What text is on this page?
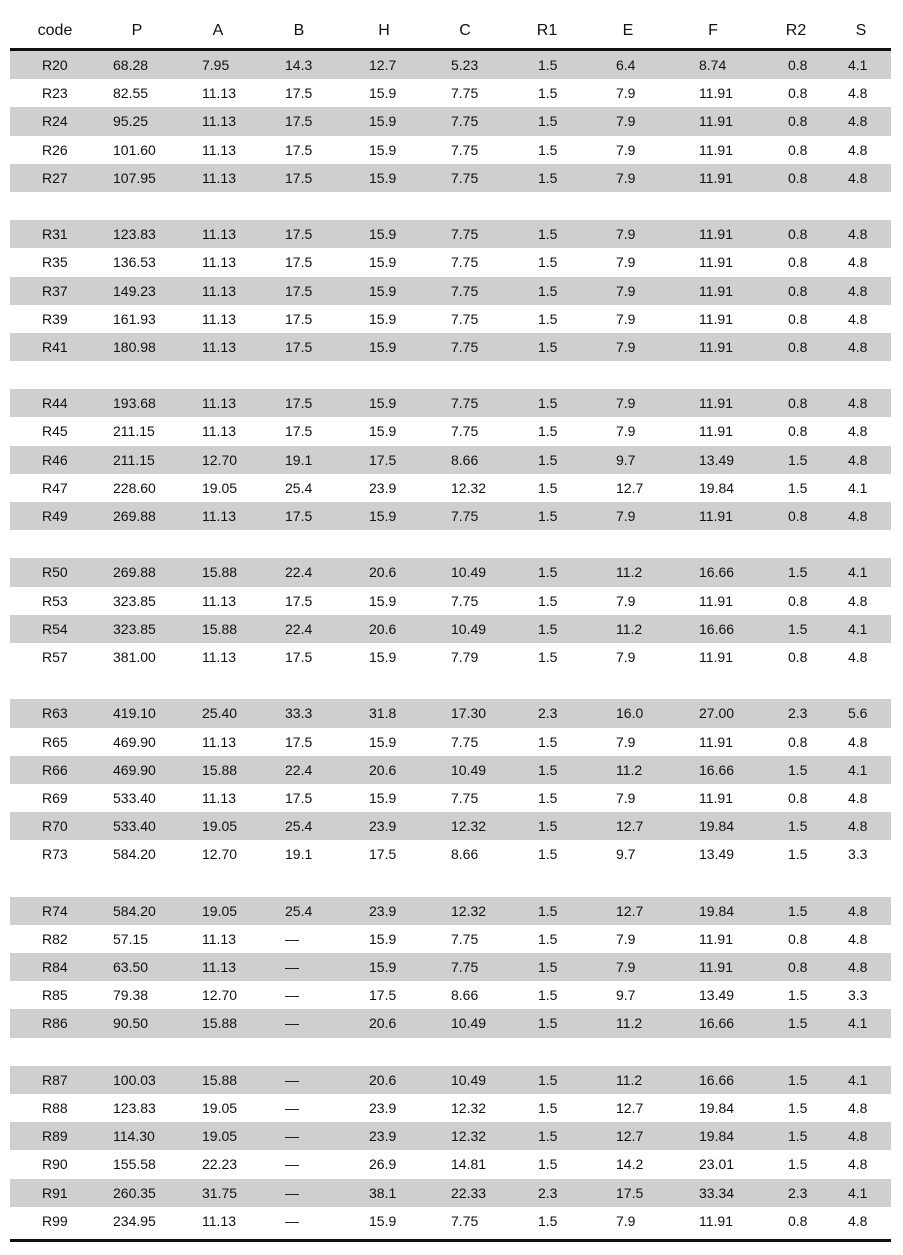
code	P	A	B	H	C	R1	E	F	R2	S
R20	68.28	7.95	14.3	12.7	5.23	1.5	6.4	8.74	0.8	4.1
R23	82.55	11.13	17.5	15.9	7.75	1.5	7.9	11.91	0.8	4.8
R24	95.25	11.13	17.5	15.9	7.75	1.5	7.9	11.91	0.8	4.8
R26	101.60	11.13	17.5	15.9	7.75	1.5	7.9	11.91	0.8	4.8
R27	107.95	11.13	17.5	15.9	7.75	1.5	7.9	11.91	0.8	4.8
R31	123.83	11.13	17.5	15.9	7.75	1.5	7.9	11.91	0.8	4.8
R35	136.53	11.13	17.5	15.9	7.75	1.5	7.9	11.91	0.8	4.8
R37	149.23	11.13	17.5	15.9	7.75	1.5	7.9	11.91	0.8	4.8
R39	161.93	11.13	17.5	15.9	7.75	1.5	7.9	11.91	0.8	4.8
R41	180.98	11.13	17.5	15.9	7.75	1.5	7.9	11.91	0.8	4.8
R44	193.68	11.13	17.5	15.9	7.75	1.5	7.9	11.91	0.8	4.8
R45	211.15	11.13	17.5	15.9	7.75	1.5	7.9	11.91	0.8	4.8
R46	211.15	12.70	19.1	17.5	8.66	1.5	9.7	13.49	1.5	4.8
R47	228.60	19.05	25.4	23.9	12.32	1.5	12.7	19.84	1.5	4.1
R49	269.88	11.13	17.5	15.9	7.75	1.5	7.9	11.91	0.8	4.8
R50	269.88	15.88	22.4	20.6	10.49	1.5	11.2	16.66	1.5	4.1
R53	323.85	11.13	17.5	15.9	7.75	1.5	7.9	11.91	0.8	4.8
R54	323.85	15.88	22.4	20.6	10.49	1.5	11.2	16.66	1.5	4.1
R57	381.00	11.13	17.5	15.9	7.79	1.5	7.9	11.91	0.8	4.8
R63	419.10	25.40	33.3	31.8	17.30	2.3	16.0	27.00	2.3	5.6
R65	469.90	11.13	17.5	15.9	7.75	1.5	7.9	11.91	0.8	4.8
R66	469.90	15.88	22.4	20.6	10.49	1.5	11.2	16.66	1.5	4.1
R69	533.40	11.13	17.5	15.9	7.75	1.5	7.9	11.91	0.8	4.8
R70	533.40	19.05	25.4	23.9	12.32	1.5	12.7	19.84	1.5	4.8
R73	584.20	12.70	19.1	17.5	8.66	1.5	9.7	13.49	1.5	3.3
R74	584.20	19.05	25.4	23.9	12.32	1.5	12.7	19.84	1.5	4.8
R82	57.15	11.13	—	15.9	7.75	1.5	7.9	11.91	0.8	4.8
R84	63.50	11.13	—	15.9	7.75	1.5	7.9	11.91	0.8	4.8
R85	79.38	12.70	—	17.5	8.66	1.5	9.7	13.49	1.5	3.3
R86	90.50	15.88	—	20.6	10.49	1.5	11.2	16.66	1.5	4.1
R87	100.03	15.88	—	20.6	10.49	1.5	11.2	16.66	1.5	4.1
R88	123.83	19.05	—	23.9	12.32	1.5	12.7	19.84	1.5	4.8
R89	114.30	19.05	—	23.9	12.32	1.5	12.7	19.84	1.5	4.8
R90	155.58	22.23	—	26.9	14.81	1.5	14.2	23.01	1.5	4.8
R91	260.35	31.75	—	38.1	22.33	2.3	17.5	33.34	2.3	4.1
R99	234.95	11.13	—	15.9	7.75	1.5	7.9	11.91	0.8	4.8
